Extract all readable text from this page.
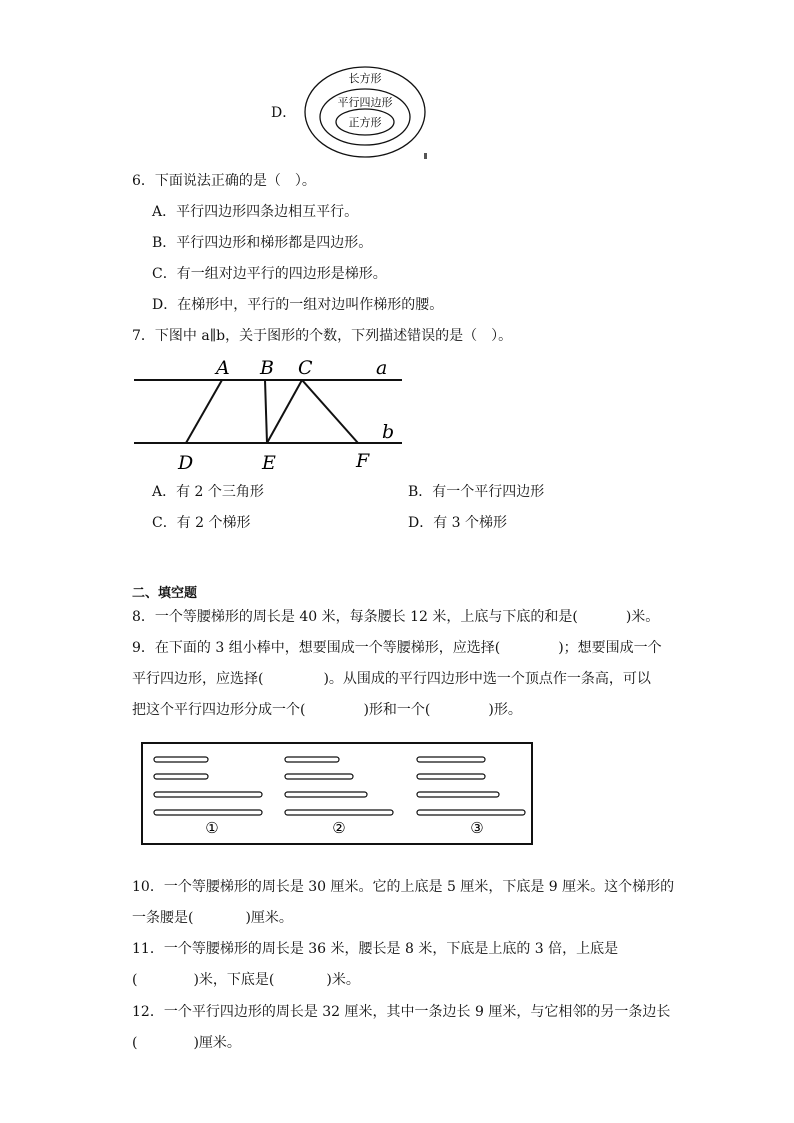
D．
长方形
平行四边形
正方形
6．下面说法正确的是（　）。
A．平行四边形四条边相互平行。
B．平行四边形和梯形都是四边形。
C．有一组对边平行的四边形是梯形。
D．在梯形中，平行的一组对边叫作梯形的腰。
7．下图中 a∥b，关于图形的个数，下列描述错误的是（　）。
A B C	a
b
D	E	F
A．有 2 个三角形	B．有一个平行四边形
C．有 2 个梯形	D．有 3 个梯形
二、填空题
8．一个等腰梯形的周长是 40 米，每条腰长 12 米，上底与下底的和是(	)米。
9．在下面的 3 组小棒中，想要围成一个等腰梯形，应选择(	)；想要围成一个
平行四边形，应选择(	)。从围成的平行四边形中选一个顶点作一条高，可以
把这个平行四边形分成一个(	)形和一个(	)形。
①	②	③
10．一个等腰梯形的周长是 30 厘米。它的上底是 5 厘米，下底是 9 厘米。这个梯形的
一条腰是(	)厘米。
11．一个等腰梯形的周长是 36 米，腰长是 8 米，下底是上底的 3 倍，上底是
(	)米，下底是(	)米。
12．一个平行四边形的周长是 32 厘米，其中一条边长 9 厘米，与它相邻的另一条边长
(	)厘米。
